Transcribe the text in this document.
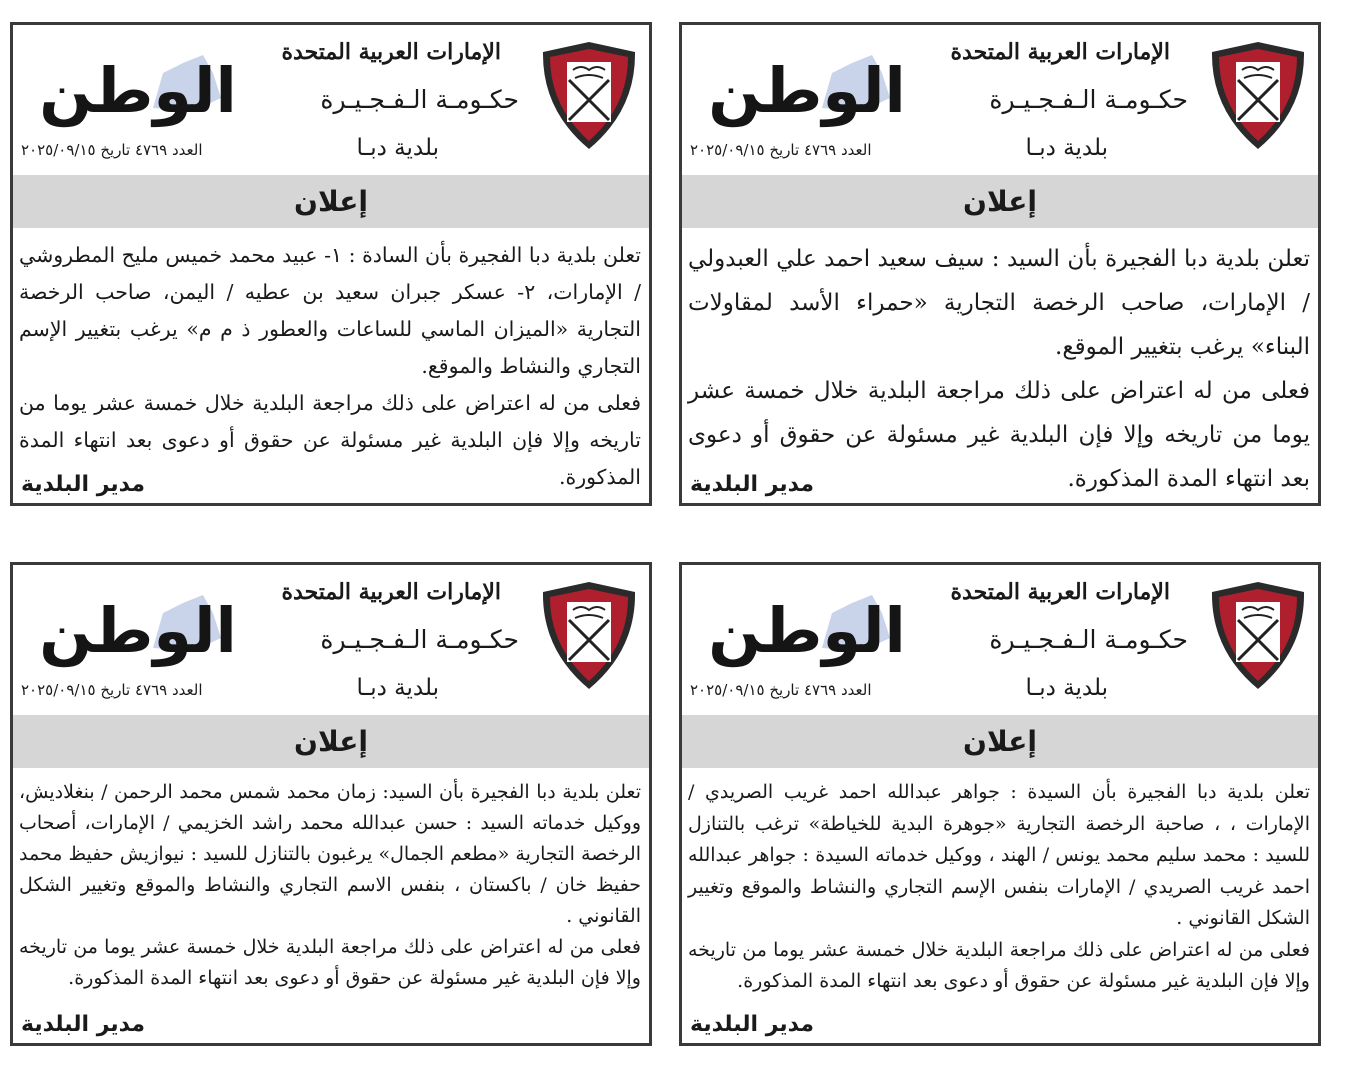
الإمارات العربية المتحدة
حكـومـة الـفـجـيـرة
بلدية دبـا
الوطن
العدد ٤٧٦٩ تاريخ ٢٠٢٥/٠٩/١٥
إعلان

تعلن بلدية دبا الفجيرة بأن السيد : سيف سعيد احمد علي العبدولي / الإمارات، صاحب الرخصة التجارية «حمراء الأسد لمقاولات البناء» يرغب بتغيير الموقع.

فعلى من له اعتراض على ذلك مراجعة البلدية خلال خمسة عشر يوما من تاريخه وإلا فإن البلدية غير مسئولة عن حقوق أو دعوى بعد انتهاء المدة المذكورة.

مدير البلدية
الإمارات العربية المتحدة
حكـومـة الـفـجـيـرة
بلدية دبـا
الوطن
العدد ٤٧٦٩ تاريخ ٢٠٢٥/٠٩/١٥
إعلان

تعلن بلدية دبا الفجيرة بأن السادة : ١- عبيد محمد خميس مليح المطروشي / الإمارات، ٢- عسكر جبران سعيد بن عطيه / اليمن، صاحب الرخصة التجارية «الميزان الماسي للساعات والعطور ذ م م» يرغب بتغيير الإسم التجاري والنشاط والموقع.

فعلى من له اعتراض على ذلك مراجعة البلدية خلال خمسة عشر يوما من تاريخه وإلا فإن البلدية غير مسئولة عن حقوق أو دعوى بعد انتهاء المدة المذكورة.

مدير البلدية
الإمارات العربية المتحدة
حكـومـة الـفـجـيـرة
بلدية دبـا
الوطن
العدد ٤٧٦٩ تاريخ ٢٠٢٥/٠٩/١٥
إعلان

تعلن بلدية دبا الفجيرة بأن السيدة : جواهر عبدالله احمد غريب الصريدي / الإمارات ، ، صاحبة الرخصة التجارية «جوهرة البدية للخياطة» ترغب بالتنازل للسيد : محمد سليم محمد يونس / الهند ، ووكيل خدماته السيدة : جواهر عبدالله احمد غريب الصريدي / الإمارات بنفس الإسم التجاري والنشاط والموقع وتغيير الشكل القانوني .

فعلى من له اعتراض على ذلك مراجعة البلدية خلال خمسة عشر يوما من تاريخه وإلا فإن البلدية غير مسئولة عن حقوق أو دعوى بعد انتهاء المدة المذكورة.

مدير البلدية
الإمارات العربية المتحدة
حكـومـة الـفـجـيـرة
بلدية دبـا
الوطن
العدد ٤٧٦٩ تاريخ ٢٠٢٥/٠٩/١٥
إعلان

تعلن بلدية دبا الفجيرة بأن السيد: زمان محمد شمس محمد الرحمن / بنغلاديش، ووكيل خدماته السيد : حسن عبدالله محمد راشد الخزيمي / الإمارات، أصحاب الرخصة التجارية «مطعم الجمال» يرغبون بالتنازل للسيد : نيوازيش حفيظ محمد حفيظ خان / باكستان ، بنفس الاسم التجاري والنشاط والموقع وتغيير الشكل القانوني .

فعلى من له اعتراض على ذلك مراجعة البلدية خلال خمسة عشر يوما من تاريخه وإلا فإن البلدية غير مسئولة عن حقوق أو دعوى بعد انتهاء المدة المذكورة.

مدير البلدية
